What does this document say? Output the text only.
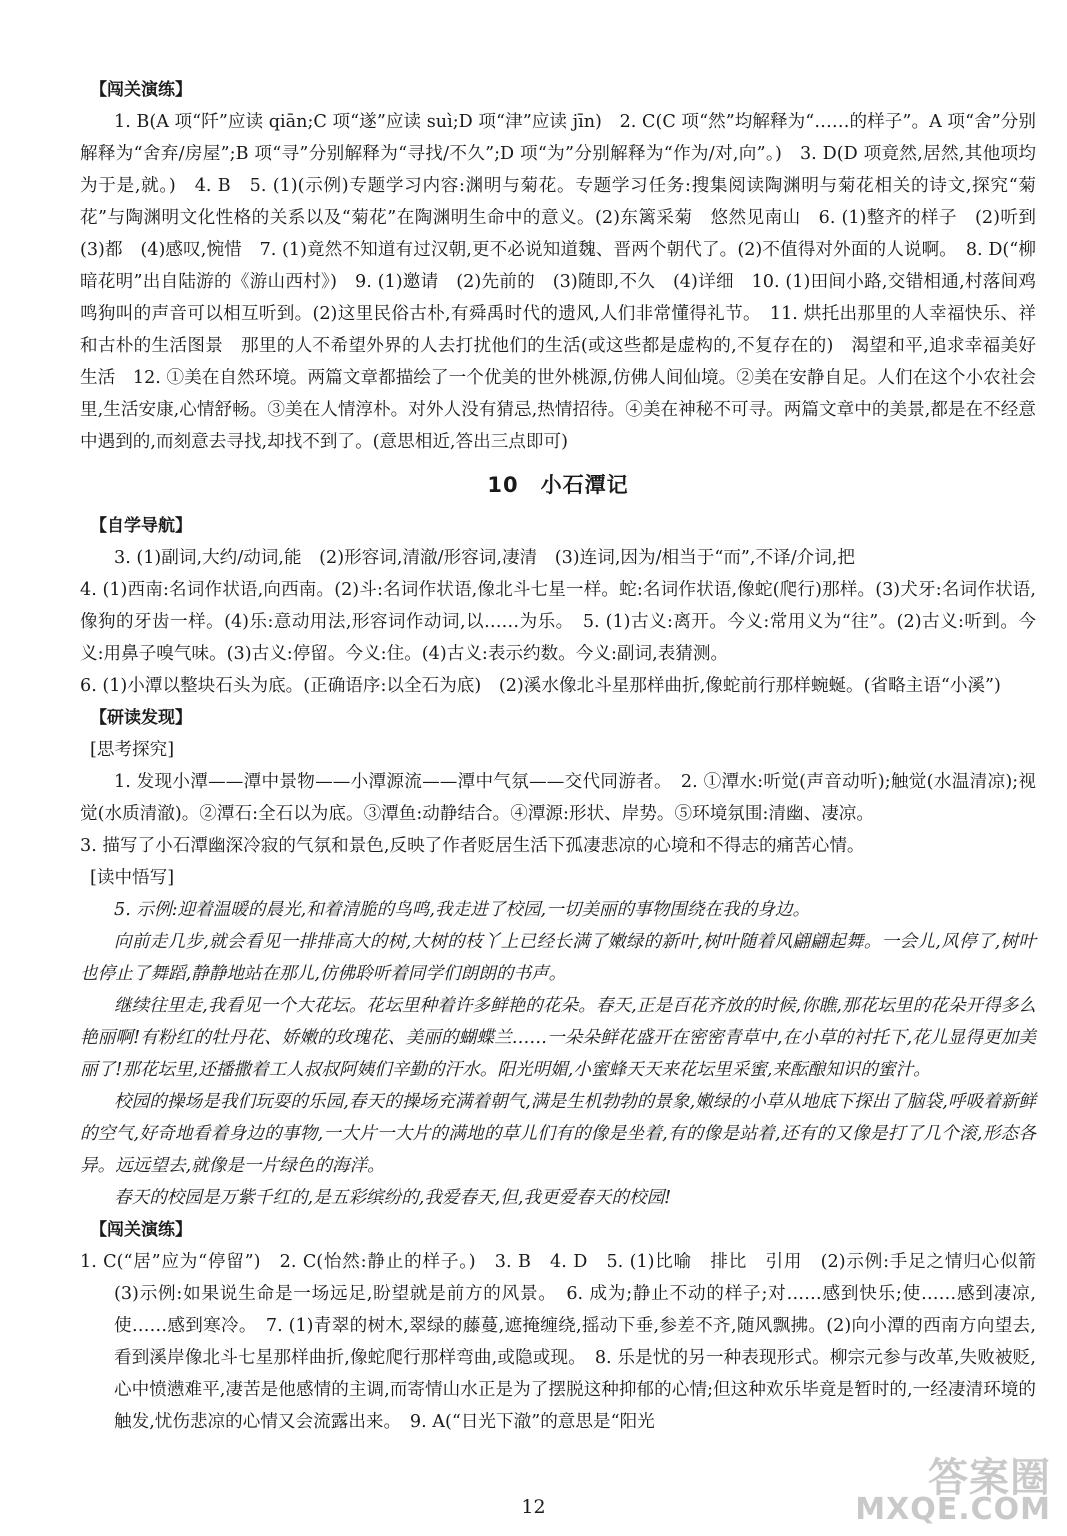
【闯关演练】

1. B(A 项“阡”应读 qiān;C 项“遂”应读 suì;D 项“津”应读 jīn)　2. C(C 项“然”均解释为“……的样子”。A 项“舍”分别解释为“舍弃/房屋”;B 项“寻”分别解释为“寻找/不久”;D 项“为”分别解释为“作为/对,向”。)　3. D(D 项竟然,居然,其他项均为于是,就。)　4. B　5. (1)(示例)专题学习内容:渊明与菊花。专题学习任务:搜集阅读陶渊明与菊花相关的诗文,探究“菊花”与陶渊明文化性格的关系以及“菊花”在陶渊明生命中的意义。(2)东篱采菊　悠然见南山　6. (1)整齐的样子　(2)听到　(3)都　(4)感叹,惋惜　7. (1)竟然不知道有过汉朝,更不必说知道魏、晋两个朝代了。(2)不值得对外面的人说啊。　8. D(“柳暗花明”出自陆游的《游山西村》)　9. (1)邀请　(2)先前的　(3)随即,不久　(4)详细　10. (1)田间小路,交错相通,村落间鸡鸣狗叫的声音可以相互听到。(2)这里民俗古朴,有舜禹时代的遗风,人们非常懂得礼节。　11. 烘托出那里的人幸福快乐、祥和古朴的生活图景　那里的人不希望外界的人去打扰他们的生活(或这些都是虚构的,不复存在的)　渴望和平,追求幸福美好生活　12. ①美在自然环境。两篇文章都描绘了一个优美的世外桃源,仿佛人间仙境。②美在安静自足。人们在这个小农社会里,生活安康,心情舒畅。③美在人情淳朴。对外人没有猜忌,热情招待。④美在神秘不可寻。两篇文章中的美景,都是在不经意中遇到的,而刻意去寻找,却找不到了。(意思相近,答出三点即可)

10　小石潭记

【自学导航】

3. (1)副词,大约/动词,能　(2)形容词,清澈/形容词,凄清　(3)连词,因为/相当于“而”,不译/介词,把

4. (1)西南:名词作状语,向西南。(2)斗:名词作状语,像北斗七星一样。蛇:名词作状语,像蛇(爬行)那样。(3)犬牙:名词作状语,像狗的牙齿一样。(4)乐:意动用法,形容词作动词,以……为乐。　5. (1)古义:离开。今义:常用义为“往”。(2)古义:听到。今义:用鼻子嗅气味。(3)古义:停留。今义:住。(4)古义:表示约数。今义:副词,表猜测。

6. (1)小潭以整块石头为底。(正确语序:以全石为底)　(2)溪水像北斗星那样曲折,像蛇前行那样蜿蜒。(省略主语“小溪”)

【研读发现】

[思考探究]

1. 发现小潭——潭中景物——小潭源流——潭中气氛——交代同游者。　2. ①潭水:听觉(声音动听);触觉(水温清凉);视觉(水质清澈)。②潭石:全石以为底。③潭鱼:动静结合。④潭源:形状、岸势。⑤环境氛围:清幽、凄凉。

3. 描写了小石潭幽深冷寂的气氛和景色,反映了作者贬居生活下孤凄悲凉的心境和不得志的痛苦心情。

[读中悟写]

5. 示例:迎着温暖的晨光,和着清脆的鸟鸣,我走进了校园,一切美丽的事物围绕在我的身边。

向前走几步,就会看见一排排高大的树,大树的枝丫上已经长满了嫩绿的新叶,树叶随着风翩翩起舞。一会儿,风停了,树叶也停止了舞蹈,静静地站在那儿,仿佛聆听着同学们朗朗的书声。

继续往里走,我看见一个大花坛。花坛里种着许多鲜艳的花朵。春天,正是百花齐放的时候,你瞧,那花坛里的花朵开得多么艳丽啊!有粉红的牡丹花、娇嫩的玫瑰花、美丽的蝴蝶兰……一朵朵鲜花盛开在密密青草中,在小草的衬托下,花儿显得更加美丽了!那花坛里,还播撒着工人叔叔阿姨们辛勤的汗水。阳光明媚,小蜜蜂天天来花坛里采蜜,来酝酿知识的蜜汁。

校园的操场是我们玩耍的乐园,春天的操场充满着朝气,满是生机勃勃的景象,嫩绿的小草从地底下探出了脑袋,呼吸着新鲜的空气,好奇地看着身边的事物,一大片一大片的满地的草儿们有的像是坐着,有的像是站着,还有的又像是打了几个滚,形态各异。远远望去,就像是一片绿色的海洋。

春天的校园是万紫千红的,是五彩缤纷的,我爱春天,但,我更爱春天的校园!

【闯关演练】

1. C(“居”应为“停留”)　2. C(怡然:静止的样子。)　3. B　4. D　5. (1)比喻　排比　引用　(2)示例:手足之情归心似箭　(3)示例:如果说生命是一场远足,盼望就是前方的风景。　6. 成为;静止不动的样子;对……感到快乐;使……感到凄凉,使……感到寒冷。　7. (1)青翠的树木,翠绿的藤蔓,遮掩缠绕,摇动下垂,参差不齐,随风飘拂。(2)向小潭的西南方向望去,看到溪岸像北斗七星那样曲折,像蛇爬行那样弯曲,或隐或现。　8. 乐是忧的另一种表现形式。柳宗元参与改革,失败被贬,心中愤懑难平,凄苦是他感情的主调,而寄情山水正是为了摆脱这种抑郁的心情;但这种欢乐毕竟是暂时的,一经凄清环境的触发,忧伤悲凉的心情又会流露出来。　9. A(“日光下澈”的意思是“阳光

12
答案圈
MXQE.COM
